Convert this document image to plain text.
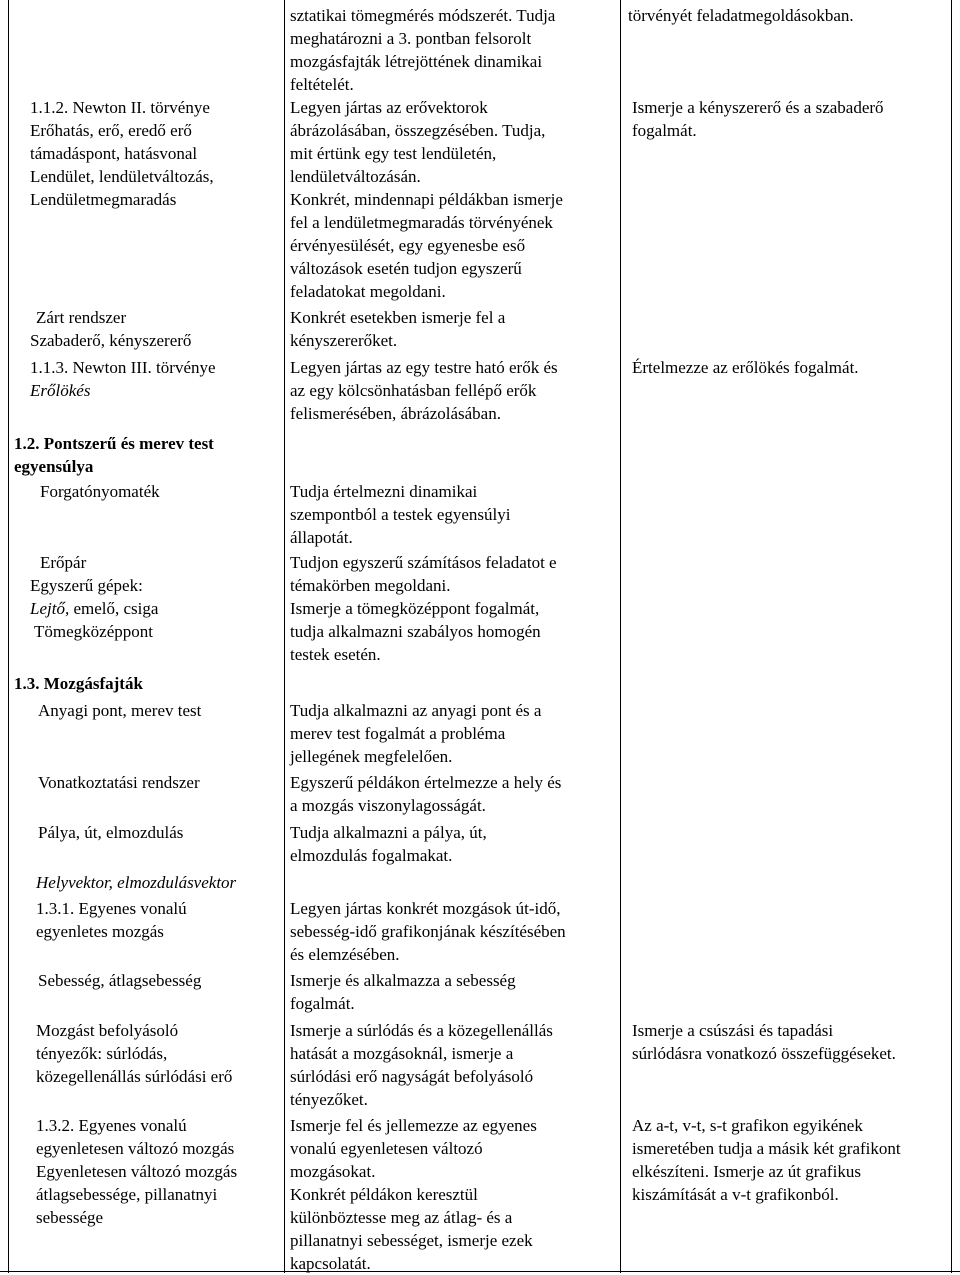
1.1.2. Newton II. törvénye
Erőhatás, erő, eredő erő
támadáspont, hatásvonal
Lendület, lendületváltozás,
Lendületmegmaradás
Zárt rendszer
Szabaderő, kényszererő
1.1.3. Newton III. törvénye
Erőlökés
1.2. Pontszerű és merev test
egyensúlya
Forgatónyomaték
Erőpár
Egyszerű gépek:
Lejtő, emelő, csiga
Tömegközéppont
1.3. Mozgásfajták
Anyagi pont, merev test
Vonatkoztatási rendszer
Pálya, út, elmozdulás
Helyvektor, elmozdulásvektor
1.3.1. Egyenes vonalú
egyenletes mozgás
Sebesség, átlagsebesség
Mozgást befolyásoló
tényezők: súrlódás,
közegellenállás súrlódási erő
1.3.2. Egyenes vonalú
egyenletesen változó mozgás
Egyenletesen változó mozgás
átlagsebessége, pillanatnyi
sebessége
sztatikai tömegmérés módszerét. Tudja
meghatározni a 3. pontban felsorolt
mozgásfajták létrejöttének dinamikai
feltételét.
Legyen jártas az erővektorok
ábrázolásában, összegzésében. Tudja,
mit értünk egy test lendületén,
lendületváltozásán.
Konkrét, mindennapi példákban ismerje
fel a lendületmegmaradás törvényének
érvényesülését, egy egyenesbe eső
változások esetén tudjon egyszerű
feladatokat megoldani.
Konkrét esetekben ismerje fel a
kényszererőket.
Legyen jártas az egy testre ható erők és
az egy kölcsönhatásban fellépő erők
felismerésében, ábrázolásában.
Tudja értelmezni dinamikai
szempontból a testek egyensúlyi
állapotát.
Tudjon egyszerű számításos feladatot e
témakörben megoldani.
Ismerje a tömegközéppont fogalmát,
tudja alkalmazni szabályos homogén
testek esetén.
Tudja alkalmazni az anyagi pont és a
merev test fogalmát a probléma
jellegének megfelelően.
Egyszerű példákon értelmezze a hely és
a mozgás viszonylagosságát.
Tudja alkalmazni a pálya, út,
elmozdulás fogalmakat.
Legyen jártas konkrét mozgások út-idő,
sebesség-idő grafikonjának készítésében
és elemzésében.
Ismerje és alkalmazza a sebesség
fogalmát.
Ismerje a súrlódás és a közegellenállás
hatását a mozgásoknál, ismerje a
súrlódási erő nagyságát befolyásoló
tényezőket.
Ismerje fel és jellemezze az egyenes
vonalú egyenletesen változó
mozgásokat.
Konkrét példákon keresztül
különböztesse meg az átlag- és a
pillanatnyi sebességet, ismerje ezek
kapcsolatát.
törvényét feladatmegoldásokban.
Ismerje a kényszererő és a szabaderő
fogalmát.
Értelmezze az erőlökés fogalmát.
Ismerje a csúszási és tapadási
súrlódásra vonatkozó összefüggéseket.
Az a-t, v-t, s-t grafikon egyikének
ismeretében tudja a másik két grafikont
elkészíteni. Ismerje az út grafikus
kiszámítását a v-t grafikonból.
